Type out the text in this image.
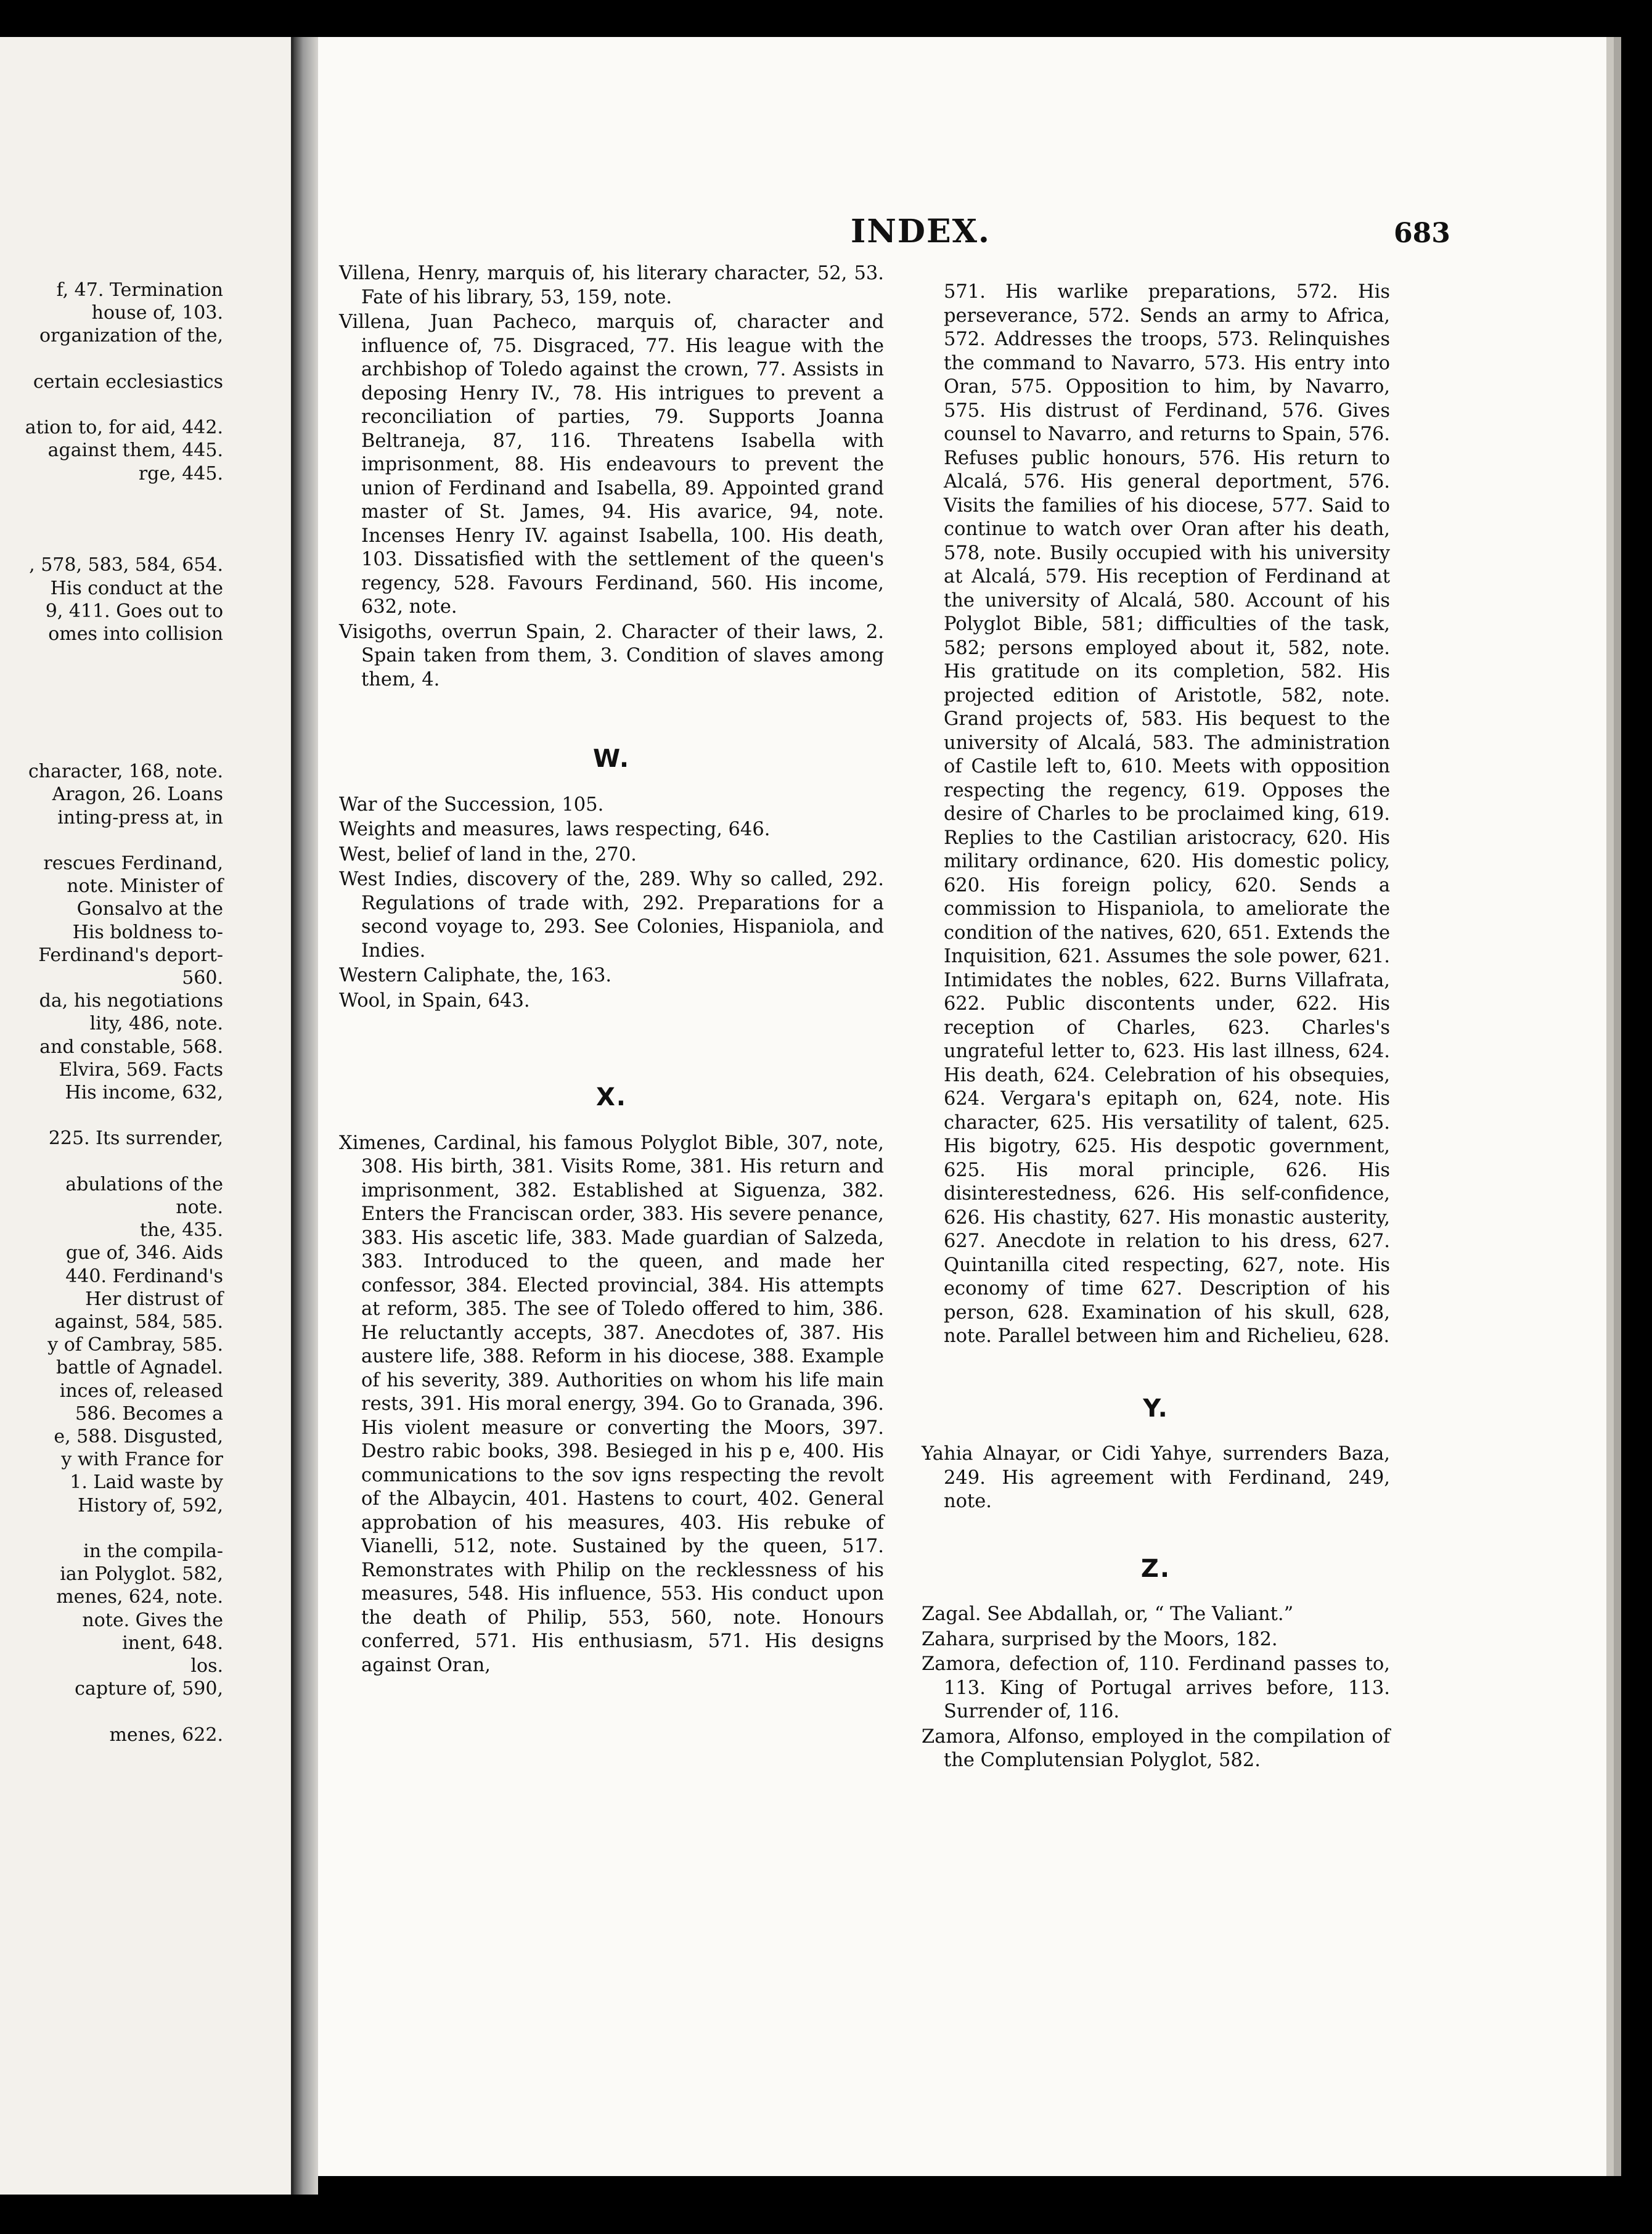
f, 47. Termination
house of, 103.
organization of the,
certain ecclesiastics
ation to, for aid, 442.
against them, 445.
rge, 445.
, 578, 583, 584, 654.
His conduct at the
9, 411. Goes out to
omes into collision
character, 168, note.
Aragon, 26. Loans
inting-press at, in
rescues Ferdinand,
note. Minister of
Gonsalvo at the
His boldness to-
Ferdinand's deport-
560.
da, his negotiations
lity, 486, note.
and constable, 568.
Elvira, 569. Facts
His income, 632,
225. Its surrender,
abulations of the
note.
the, 435.
gue of, 346. Aids
440. Ferdinand's
Her distrust of
against, 584, 585.
y of Cambray, 585.
battle of Agnadel.
inces of, released
586. Becomes a
e, 588. Disgusted,
y with France for
1. Laid waste by
History of, 592,
in the compila-
ian Polyglot. 582,
menes, 624, note.
note. Gives the
inent, 648.
los.
capture of, 590,
menes, 622.
INDEX.	683

Villena, Henry, marquis of, his literary character, 52, 53. Fate of his library, 53, 159, note.

Villena, Juan Pacheco, marquis of, character and influence of, 75. Disgraced, 77. His league with the archbishop of Toledo against the crown, 77. Assists in deposing Henry IV., 78. His intrigues to prevent a reconciliation of parties, 79. Supports Joanna Beltraneja, 87, 116. Threatens Isabella with imprisonment, 88. His endeavours to prevent the union of Ferdinand and Isabella, 89. Appointed grand master of St. James, 94. His avarice, 94, note. Incenses Henry IV. against Isabella, 100. His death, 103. Dissatisfied with the settlement of the queen's regency, 528. Favours Ferdinand, 560. His income, 632, note.

Visigoths, overrun Spain, 2. Character of their laws, 2. Spain taken from them, 3. Condition of slaves among them, 4.

W.

War of the Succession, 105.

Weights and measures, laws respecting, 646.

West, belief of land in the, 270.

West Indies, discovery of the, 289. Why so called, 292. Regulations of trade with, 292. Preparations for a second voyage to, 293. See Colonies, Hispaniola, and Indies.

Western Caliphate, the, 163.

Wool, in Spain, 643.

X.

Ximenes, Cardinal, his famous Polyglot Bible, 307, note, 308. His birth, 381. Visits Rome, 381. His return and imprisonment, 382. Established at Siguenza, 382. Enters the Franciscan order, 383. His severe penance, 383. His ascetic life, 383. Made guardian of Salzeda, 383. Introduced to the queen, and made her confessor, 384. Elected provincial, 384. His attempts at reform, 385. The see of Toledo offered to him, 386. He reluctantly accepts, 387. Anecdotes of, 387. His austere life, 388. Reform in his diocese, 388. Example of his severity, 389. Authorities on whom his life main rests, 391. His moral energy, 394. Go to Granada, 396. His violent measure or converting the Moors, 397. Destro rabic books, 398. Besieged in his p e, 400. His communications to the sov igns respecting the revolt of the Albaycin, 401. Hastens to court, 402. General approbation of his measures, 403. His rebuke of Vianelli, 512, note. Sustained by the queen, 517. Remonstrates with Philip on the recklessness of his measures, 548. His influence, 553. His conduct upon the death of Philip, 553, 560, note. Honours conferred, 571. His enthusiasm, 571. His designs against Oran,

571. His warlike preparations, 572. His perseverance, 572. Sends an army to Africa, 572. Addresses the troops, 573. Relinquishes the command to Navarro, 573. His entry into Oran, 575. Opposition to him, by Navarro, 575. His distrust of Ferdinand, 576. Gives counsel to Navarro, and returns to Spain, 576. Refuses public honours, 576. His return to Alcalá, 576. His general deportment, 576. Visits the families of his diocese, 577. Said to continue to watch over Oran after his death, 578, note. Busily occupied with his university at Alcalá, 579. His reception of Ferdinand at the university of Alcalá, 580. Account of his Polyglot Bible, 581; difficulties of the task, 582; persons employed about it, 582, note. His gratitude on its completion, 582. His projected edition of Aristotle, 582, note. Grand projects of, 583. His bequest to the university of Alcalá, 583. The administration of Castile left to, 610. Meets with opposition respecting the regency, 619. Opposes the desire of Charles to be proclaimed king, 619. Replies to the Castilian aristocracy, 620. His military ordinance, 620. His domestic policy, 620. His foreign policy, 620. Sends a commission to Hispaniola, to ameliorate the condition of the natives, 620, 651. Extends the Inquisition, 621. Assumes the sole power, 621. Intimidates the nobles, 622. Burns Villafrata, 622. Public discontents under, 622. His reception of Charles, 623. Charles's ungrateful letter to, 623. His last illness, 624. His death, 624. Celebration of his obsequies, 624. Vergara's epitaph on, 624, note. His character, 625. His versatility of talent, 625. His bigotry, 625. His despotic government, 625. His moral principle, 626. His disinterestedness, 626. His self-confidence, 626. His chastity, 627. His monastic austerity, 627. Anecdote in relation to his dress, 627. Quintanilla cited respecting, 627, note. His economy of time 627. Description of his person, 628. Examination of his skull, 628, note. Parallel between him and Richelieu, 628.

Y.

Yahia Alnayar, or Cidi Yahye, surrenders Baza, 249. His agreement with Ferdinand, 249, note.

Z.

Zagal. See Abdallah, or, “ The Valiant.”

Zahara, surprised by the Moors, 182.

Zamora, defection of, 110. Ferdinand passes to, 113. King of Portugal arrives before, 113. Surrender of, 116.

Zamora, Alfonso, employed in the compilation of the Complutensian Polyglot, 582.
